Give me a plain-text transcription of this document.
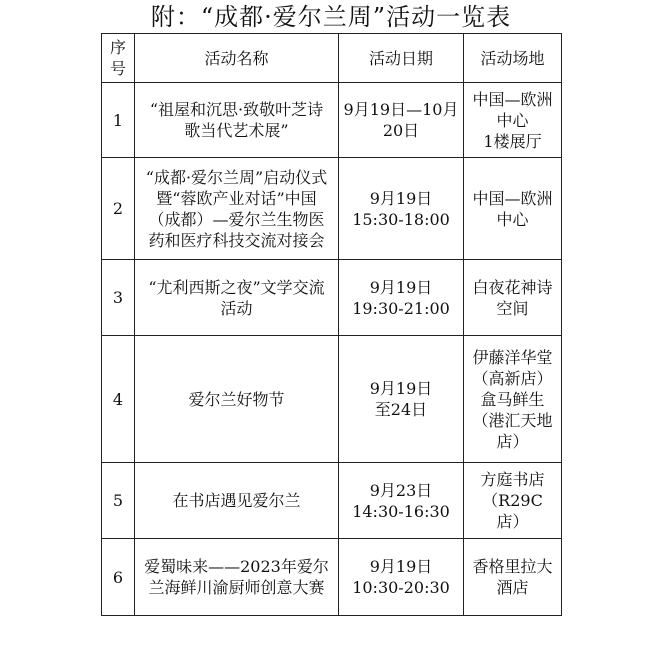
附：“成都·爱尔兰周”活动一览表
序
号	活动名称	活动日期	活动场地
1	“祖屋和沉思·致敬叶芝诗
歌当代艺术展”	9月19日—10月
20日	中国—欧洲
中心
1楼展厅
2	“成都·爱尔兰周”启动仪式
暨“蓉欧产业对话”中国
（成都）—爱尔兰生物医
药和医疗科技交流对接会	9月19日
15:30-18:00	中国—欧洲
中心
3	“尤利西斯之夜”文学交流
活动	9月19日
19:30-21:00	白夜花神诗
空间
4	爱尔兰好物节	9月19日
至24日	伊藤洋华堂
（高新店）
盒马鲜生
（港汇天地
店）
5	在书店遇见爱尔兰	9月23日
14:30-16:30	方庭书店
（R29C
店）
6	爱蜀味来——2023年爱尔
兰海鲜川渝厨师创意大赛	9月19日
10:30-20:30	香格里拉大
酒店
